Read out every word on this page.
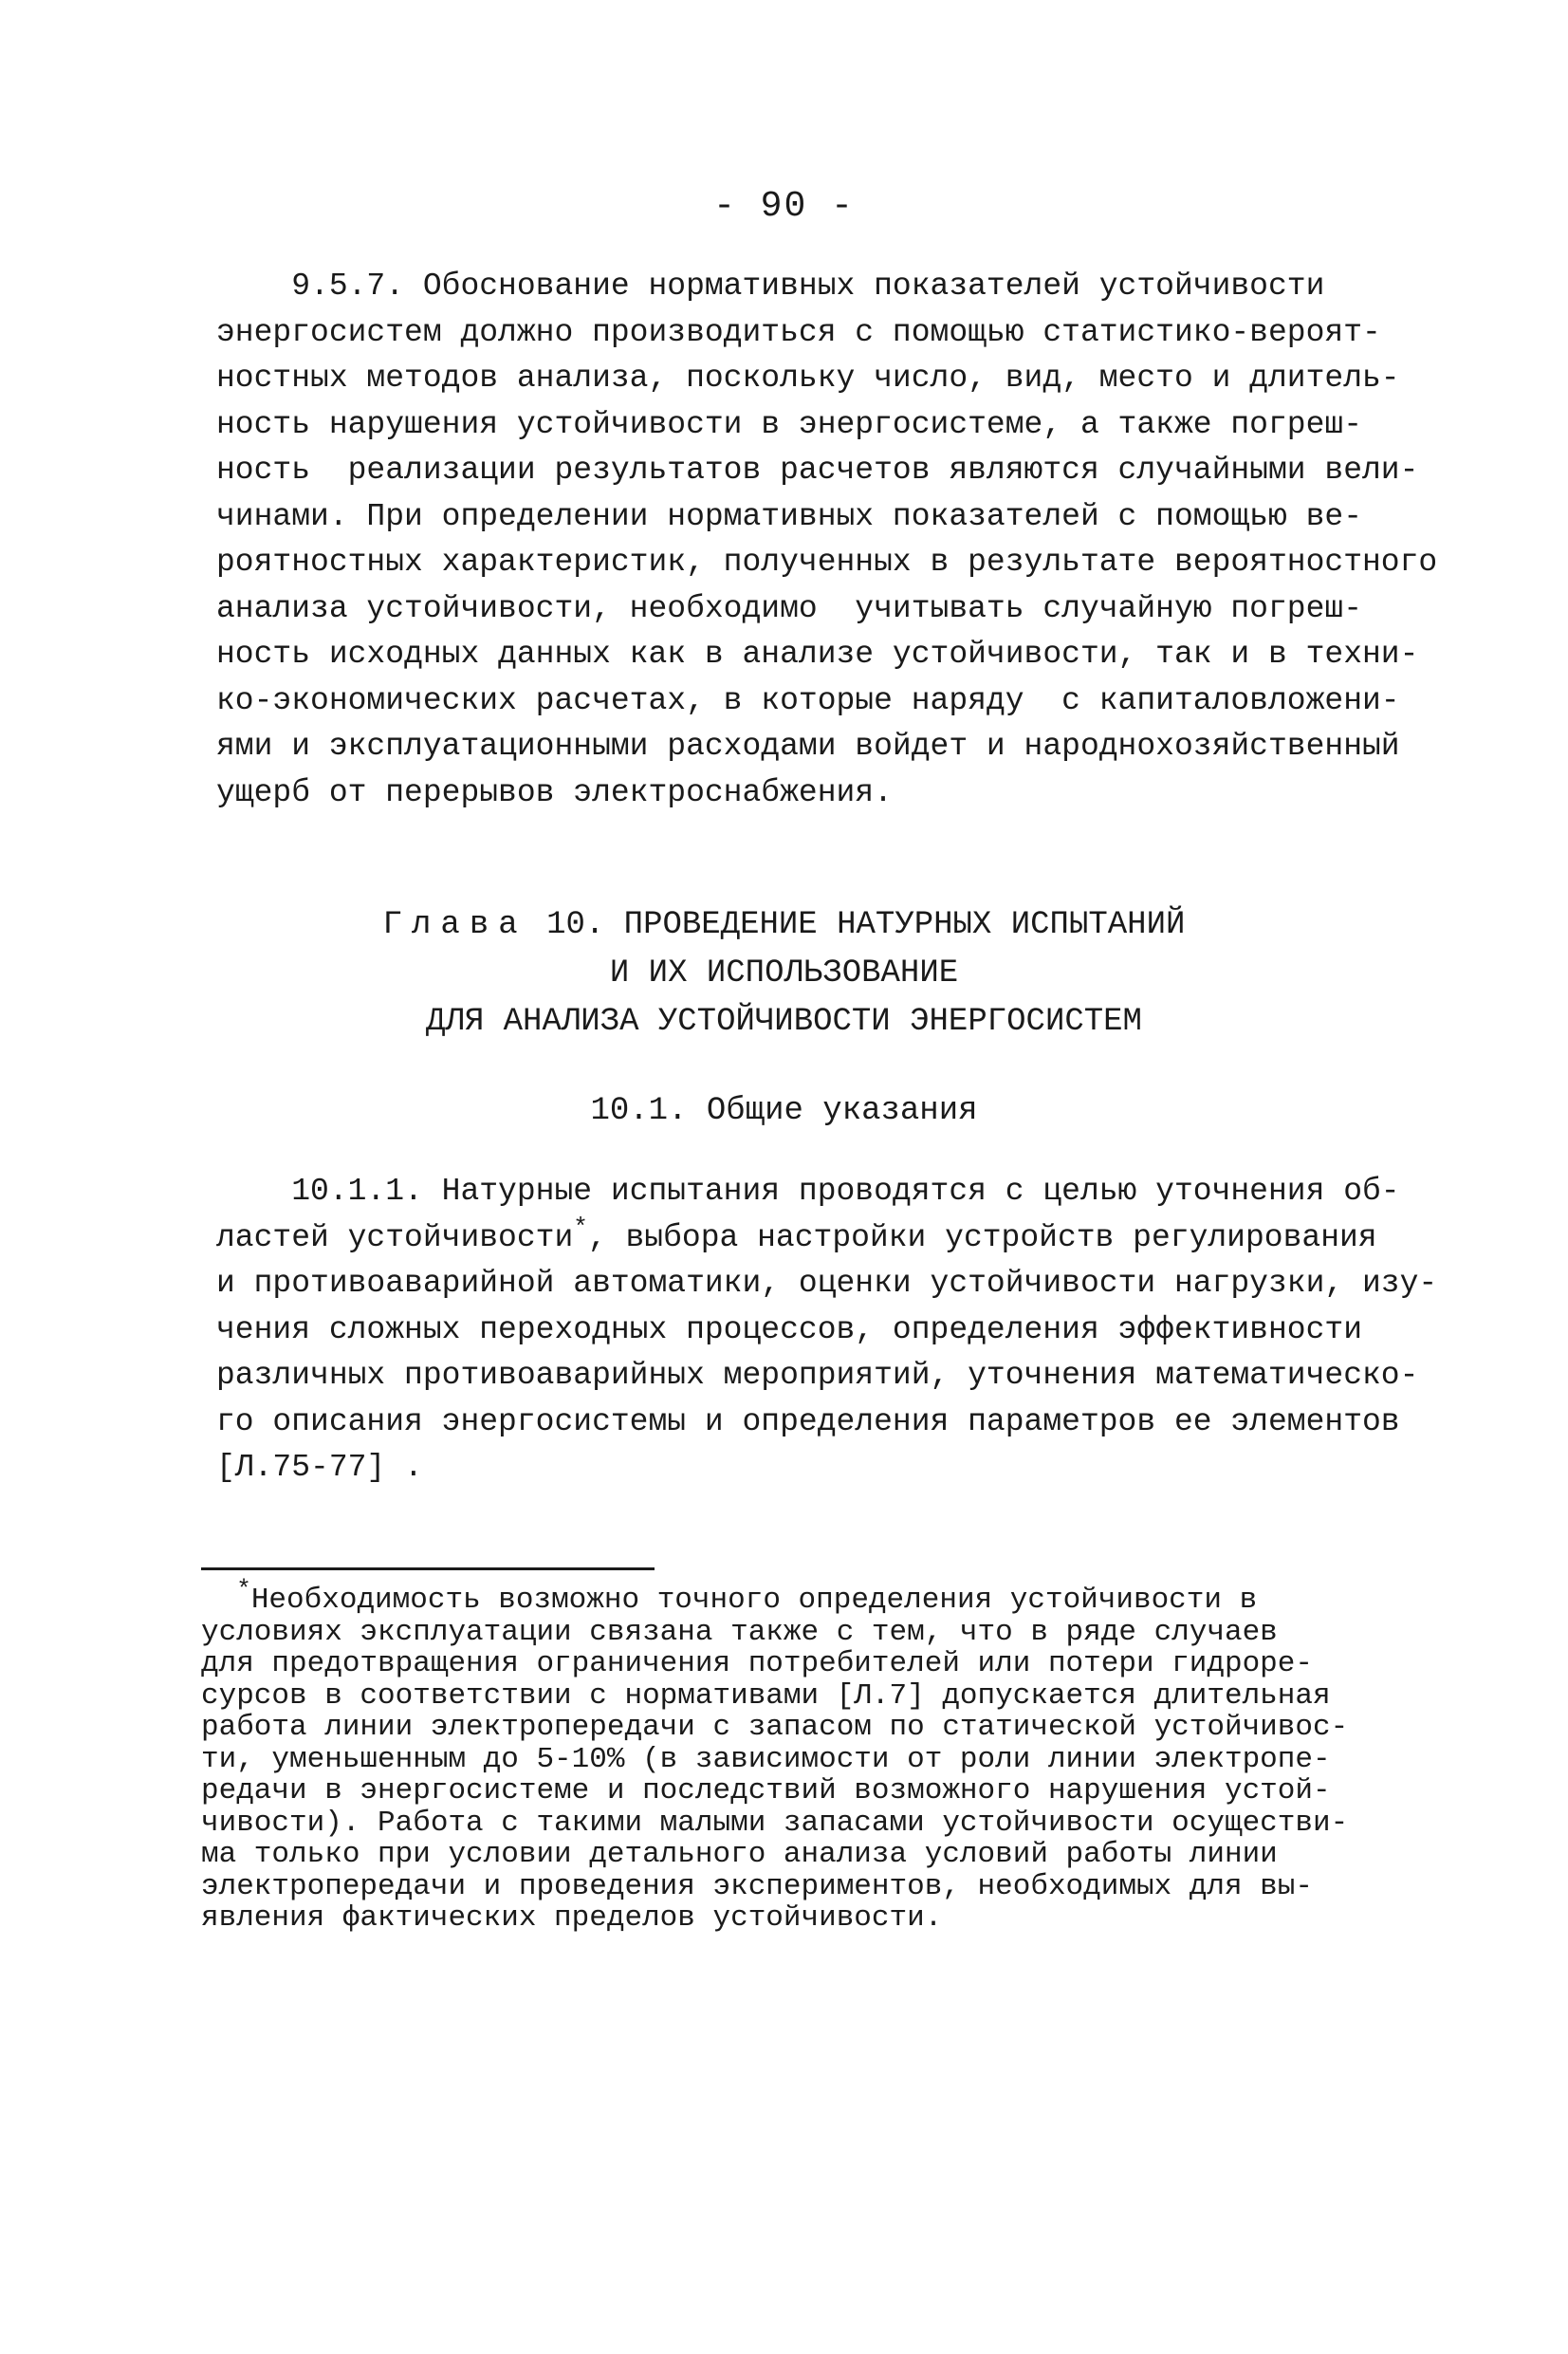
- 90 -
9.5.7. Обоснование нормативных показателей устойчивости
энергосистем должно производиться с помощью статистико-вероят-
ностных методов анализа, поскольку число, вид, место и длитель-
ность нарушения устойчивости в энергосистеме, а также погреш-
ность  реализации результатов расчетов являются случайными вели-
чинами. При определении нормативных показателей с помощью ве-
роятностных характеристик, полученных в результате вероятностного
анализа устойчивости, необходимо  учитывать случайную погреш-
ность исходных данных как в анализе устойчивости, так и в техни-
ко-экономических расчетах, в которые наряду  с капиталовложени-
ями и эксплуатационными расходами войдет и народнохозяйственный
ущерб от перерывов электроснабжения.
Глава 10. ПРОВЕДЕНИЕ НАТУРНЫХ ИСПЫТАНИЙ
И ИХ ИСПОЛЬЗОВАНИЕ
ДЛЯ АНАЛИЗА УСТОЙЧИВОСТИ ЭНЕРГОСИСТЕМ
10.1. Общие указания
10.1.1. Натурные испытания проводятся с целью уточнения об-
ластей устойчивости*, выбора настройки устройств регулирования
и противоаварийной автоматики, оценки устойчивости нагрузки, изу-
чения сложных переходных процессов, определения эффективности
различных противоаварийных мероприятий, уточнения математическо-
го описания энергосистемы и определения параметров ее элементов
[Л.75-77] .
*Необходимость возможно точного определения устойчивости в
условиях эксплуатации связана также с тем, что в ряде случаев
для предотвращения ограничения потребителей или потери гидроре-
сурсов в соответствии с нормативами [Л.7] допускается длительная
работа линии электропередачи с запасом по статической устойчивос-
ти, уменьшенным до 5-10% (в зависимости от роли линии электропе-
редачи в энергосистеме и последствий возможного нарушения устой-
чивости). Работа с такими малыми запасами устойчивости осуществи-
ма только при условии детального анализа условий работы линии
электропередачи и проведения экспериментов, необходимых для вы-
явления фактических пределов устойчивости.
